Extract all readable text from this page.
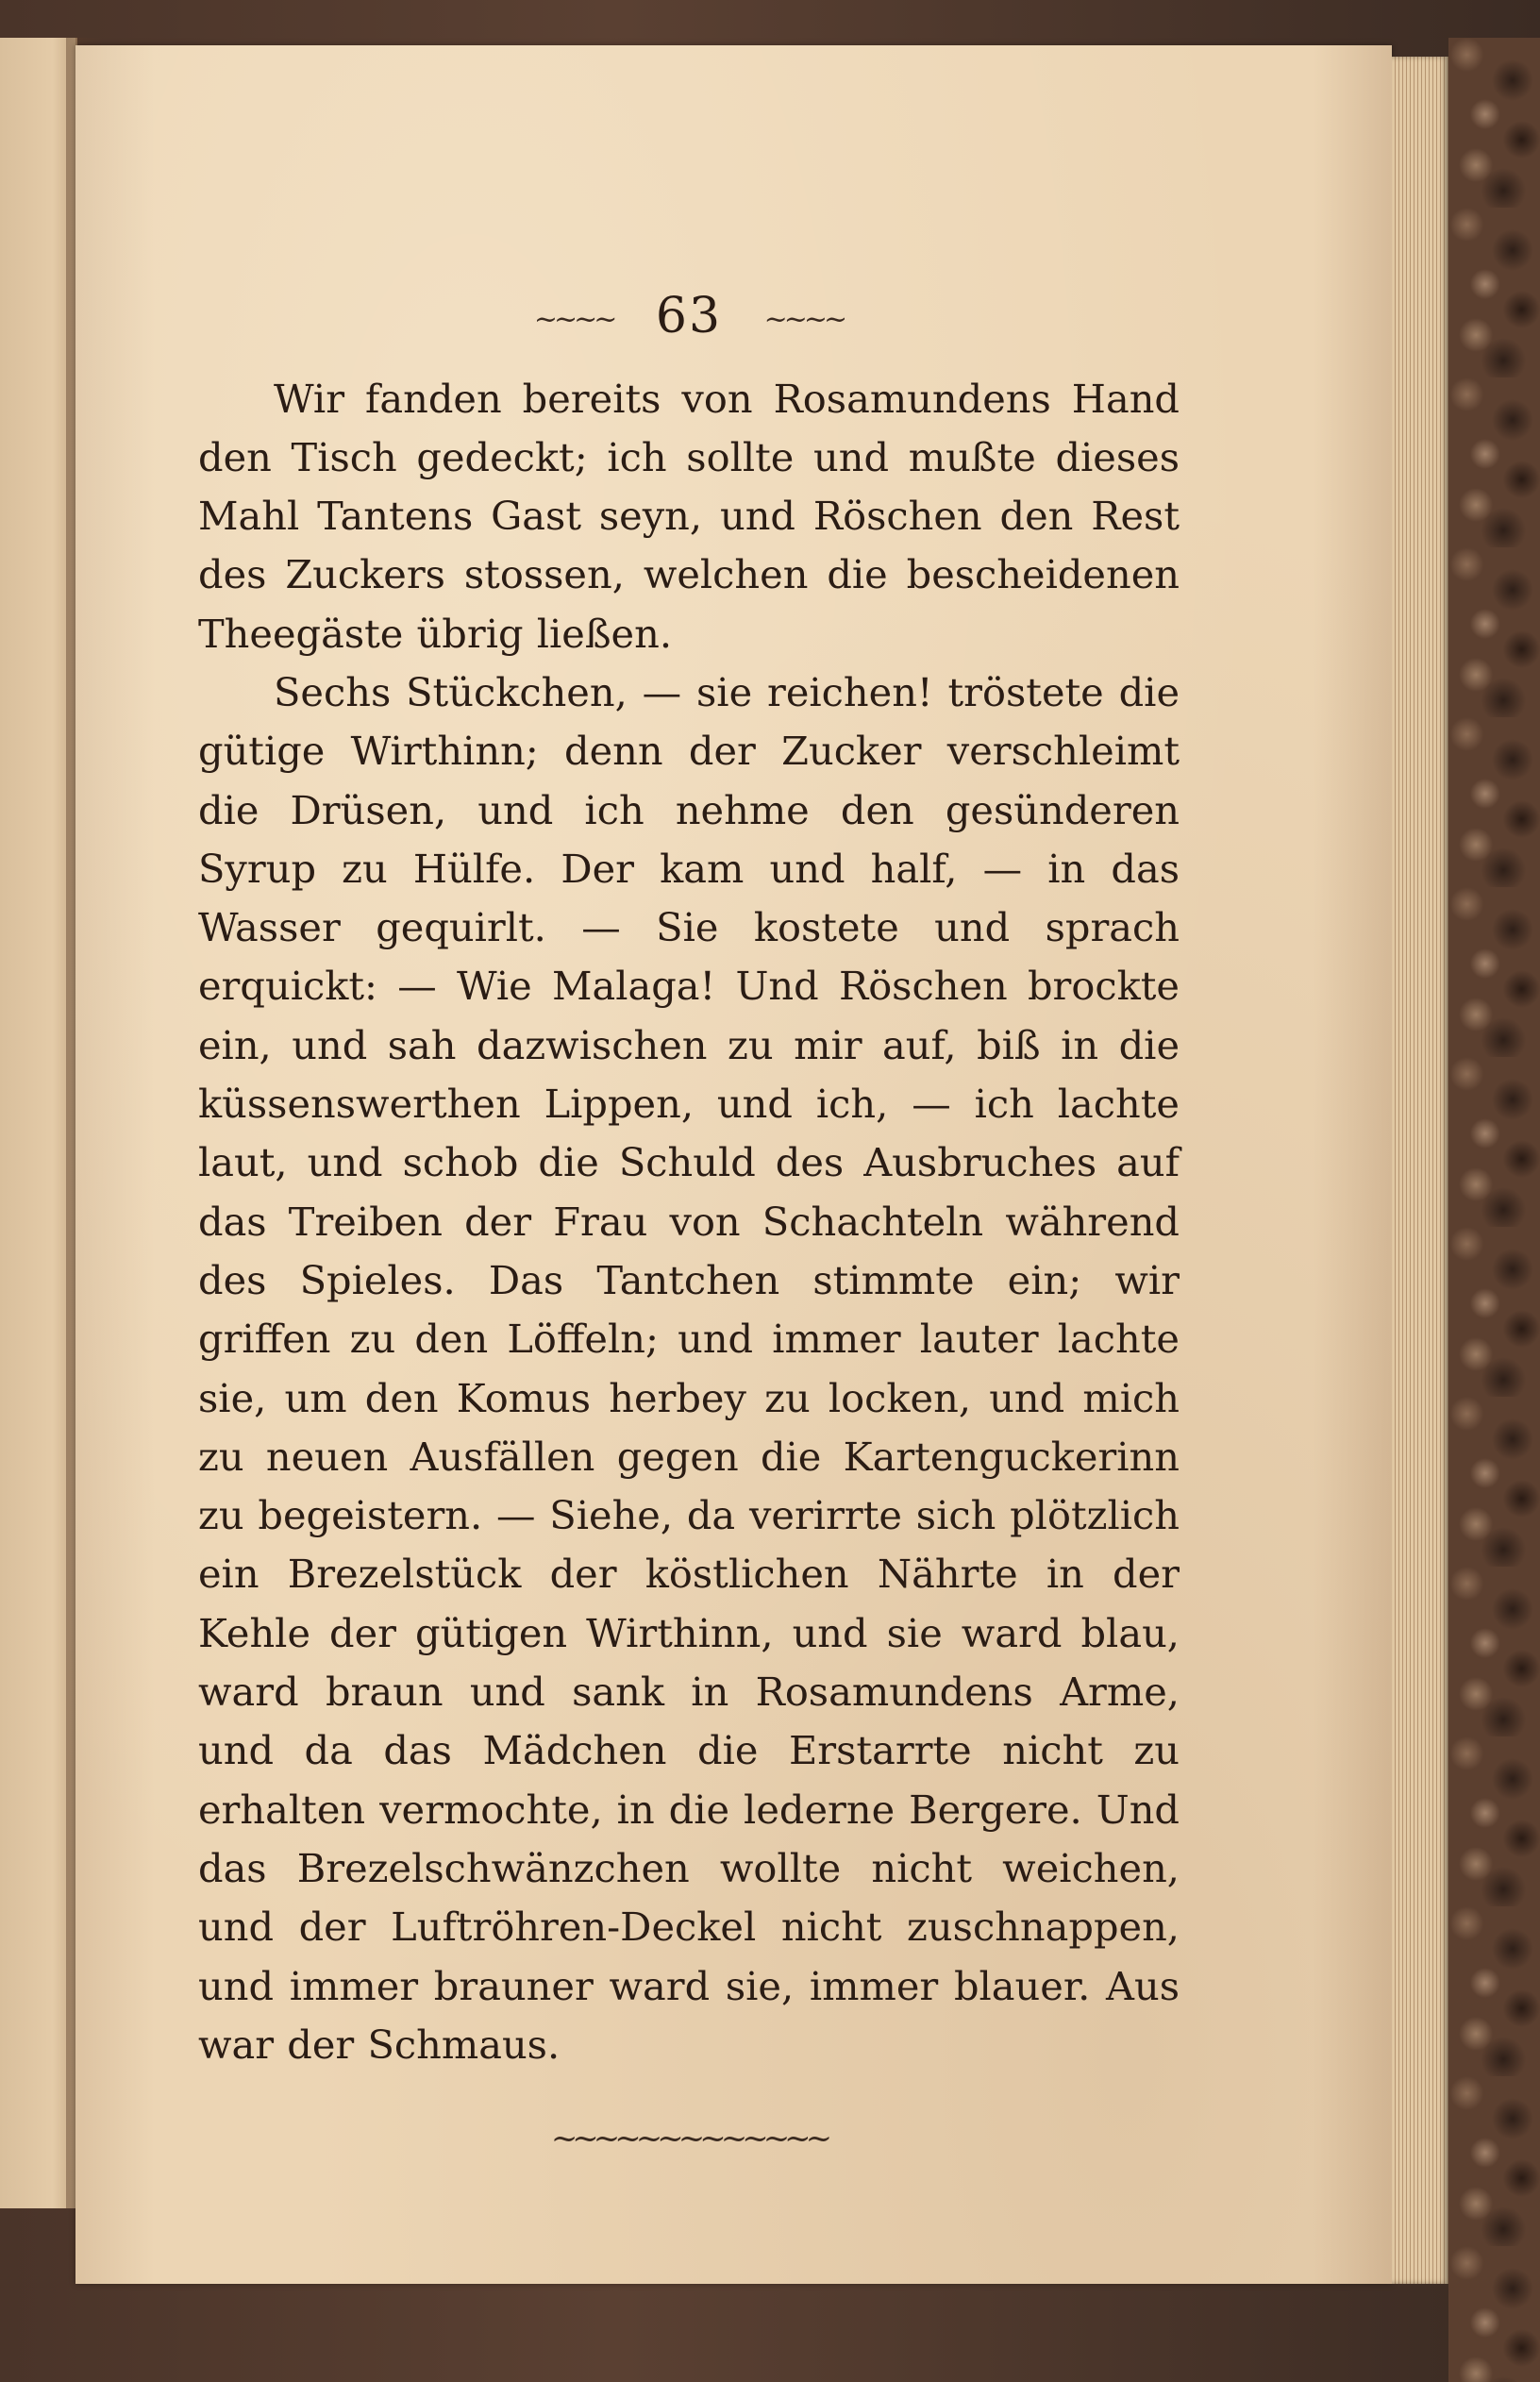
~~~~ 63 ~~~~

Wir fanden bereits von Rosamundens Hand den Tisch gedeckt; ich sollte und mußte dieses Mahl Tantens Gast seyn, und Röschen den Rest des Zuckers stossen, welchen die bescheidenen Theegäste übrig ließen.

Sechs Stückchen, — sie reichen! tröstete die gütige Wirthinn; denn der Zucker verschleimt die Drüsen, und ich nehme den gesünderen Syrup zu Hülfe. Der kam und half, — in das Wasser gequirlt. — Sie kostete und sprach erquickt: — Wie Malaga! Und Röschen brockte ein, und sah dazwischen zu mir auf, biß in die küssenswerthen Lippen, und ich, — ich lachte laut, und schob die Schuld des Ausbruches auf das Treiben der Frau von Schachteln während des Spieles. Das Tantchen stimmte ein; wir griffen zu den Löffeln; und immer lauter lachte sie, um den Komus herbey zu locken, und mich zu neuen Ausfällen gegen die Kartenguckerinn zu begeistern. — Siehe, da verirrte sich plötzlich ein Brezelstück der köstlichen Nährte in der Kehle der gütigen Wirthinn, und sie ward blau, ward braun und sank in Rosamundens Arme, und da das Mädchen die Erstarrte nicht zu erhalten vermochte, in die lederne Bergere. Und das Brezelschwänzchen wollte nicht weichen, und der Luftröhren-Deckel nicht zuschnappen, und immer brauner ward sie, immer blauer. Aus war der Schmaus.

~~~~~~~~~~~~~
